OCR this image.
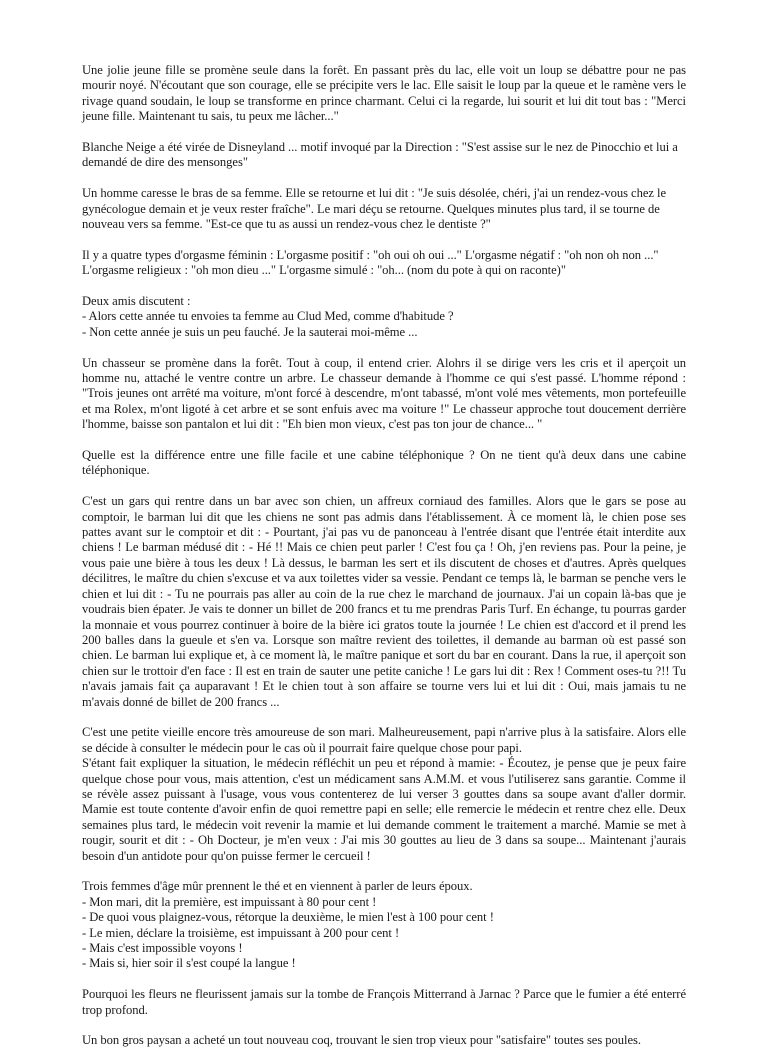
Une jolie jeune fille se promène seule dans la forêt. En passant près du lac, elle voit un loup se débattre pour ne pas mourir noyé. N'écoutant que son courage, elle se précipite vers le lac. Elle saisit le loup par la queue et le ramène vers le rivage quand soudain, le loup se transforme en prince charmant. Celui ci la regarde, lui sourit et lui dit tout bas : "Merci jeune fille. Maintenant tu sais, tu peux me lâcher..."
Blanche Neige a été virée de Disneyland ... motif invoqué par la Direction : "S'est assise sur le nez de Pinocchio et lui a demandé de dire des mensonges"
Un homme caresse le bras de sa femme. Elle se retourne et lui dit : "Je suis désolée, chéri, j'ai un rendez-vous chez le gynécologue demain et je veux rester fraîche". Le mari déçu se retourne. Quelques minutes plus tard, il se tourne de nouveau vers sa femme. "Est-ce que tu as aussi un rendez-vous chez le dentiste ?"
Il y a quatre types d'orgasme féminin : L'orgasme positif : "oh oui oh oui ..." L'orgasme négatif : "oh non oh non ..." L'orgasme religieux : "oh mon dieu ..." L'orgasme simulé : "oh... (nom du pote à qui on raconte)"
Deux amis discutent :
- Alors cette année tu envoies ta femme au Clud Med, comme d'habitude ?
- Non cette année je suis un peu fauché. Je la sauterai moi-même ...
Un chasseur se promène dans la forêt. Tout à coup, il entend crier. Alohrs il se dirige vers les cris et il aperçoit un homme nu, attaché le ventre contre un arbre. Le chasseur demande à l'homme ce qui s'est passé. L'homme répond : "Trois jeunes ont arrêté ma voiture, m'ont forcé à descendre, m'ont tabassé, m'ont volé mes vêtements, mon portefeuille et ma Rolex, m'ont ligoté à cet arbre et se sont enfuis avec ma voiture !" Le chasseur approche tout doucement derrière l'homme, baisse son pantalon et lui dit : "Eh bien mon vieux, c'est pas ton jour de chance... "
Quelle est la différence entre une fille facile et une cabine téléphonique ? On ne tient qu'à deux dans une cabine téléphonique.
C'est un gars qui rentre dans un bar avec son chien, un affreux corniaud des familles. Alors que le gars se pose au comptoir, le barman lui dit que les chiens ne sont pas admis dans l'établissement. À ce moment là, le chien pose ses pattes avant sur le comptoir et dit : - Pourtant, j'ai pas vu de panonceau à l'entrée disant que l'entrée était interdite aux chiens ! Le barman médusé dit : - Hé !! Mais ce chien peut parler ! C'est fou ça ! Oh, j'en reviens pas. Pour la peine, je vous paie une bière à tous les deux ! Là dessus, le barman les sert et ils discutent de choses et d'autres. Après quelques décilitres, le maître du chien s'excuse et va aux toilettes vider sa vessie. Pendant ce temps là, le barman se penche vers le chien et lui dit : - Tu ne pourrais pas aller au coin de la rue chez le marchand de journaux. J'ai un copain là-bas que je voudrais bien épater. Je vais te donner un billet de 200 francs et tu me prendras Paris Turf. En échange, tu pourras garder la monnaie et vous pourrez continuer à boire de la bière ici gratos toute la journée ! Le chien est d'accord et il prend les 200 balles dans la gueule et s'en va. Lorsque son maître revient des toilettes, il demande au barman où est passé son chien. Le barman lui explique et, à ce moment là, le maître panique et sort du bar en courant. Dans la rue, il aperçoit son chien sur le trottoir d'en face : Il est en train de sauter une petite caniche ! Le gars lui dit : Rex ! Comment oses-tu ?!! Tu n'avais jamais fait ça auparavant ! Et le chien tout à son affaire se tourne vers lui et lui dit : Oui, mais jamais tu ne m'avais donné de billet de 200 francs ...
C'est une petite vieille encore très amoureuse de son mari. Malheureusement, papi n'arrive plus à la satisfaire. Alors elle se décide à consulter le médecin pour le cas où il pourrait faire quelque chose pour papi.
S'étant fait expliquer la situation, le médecin réfléchit un peu et répond à mamie: - Écoutez, je pense que je peux faire quelque chose pour vous, mais attention, c'est un médicament sans A.M.M. et vous l'utiliserez sans garantie. Comme il se révèle assez puissant à l'usage, vous vous contenterez de lui verser 3 gouttes dans sa soupe avant d'aller dormir. Mamie est toute contente d'avoir enfin de quoi remettre papi en selle; elle remercie le médecin et rentre chez elle. Deux semaines plus tard, le médecin voit revenir la mamie et lui demande comment le traitement a marché. Mamie se met à rougir, sourit et dit : - Oh Docteur, je m'en veux : J'ai mis 30 gouttes au lieu de 3 dans sa soupe... Maintenant j'aurais besoin d'un antidote pour qu'on puisse fermer le cercueil !
Trois femmes d'âge mûr prennent le thé et en viennent à parler de leurs époux.
- Mon mari, dit la première, est impuissant à 80 pour cent !
- De quoi vous plaignez-vous, rétorque la deuxième, le mien l'est à 100 pour cent !
- Le mien, déclare la troisième, est impuissant à 200 pour cent !
- Mais c'est impossible voyons !
- Mais si, hier soir il s'est coupé la langue !
Pourquoi les fleurs ne fleurissent jamais sur la tombe de François Mitterrand à Jarnac ? Parce que le fumier a été enterré trop profond.
Un bon gros paysan a acheté un tout nouveau coq, trouvant le sien trop vieux pour "satisfaire" toutes ses poules.
